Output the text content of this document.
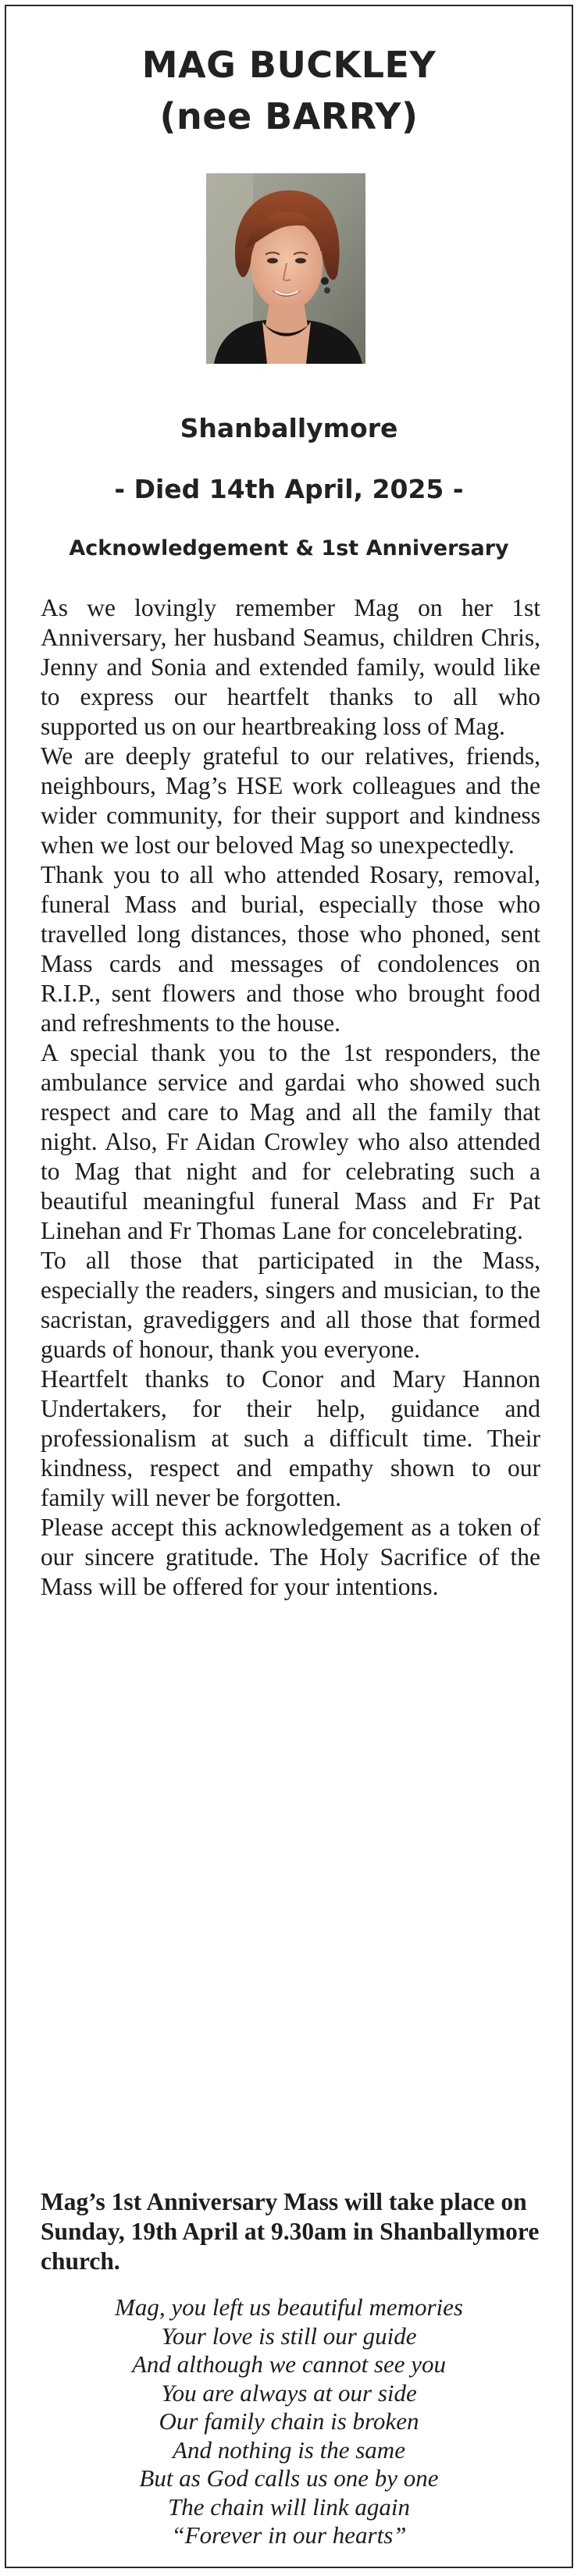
MAG BUCKLEY
(nee BARRY)
Shanballymore
- Died 14th April, 2025 -
Acknowledgement & 1st Anniversary

As we lovingly remember Mag on her 1st Anniversary, her husband Seamus, children Chris, Jenny and Sonia and extended family, would like to express our heartfelt thanks to all who supported us on our heartbreaking loss of Mag.

We are deeply grateful to our relatives, friends, neighbours, Mag’s HSE work colleagues and the wider community, for their support and kindness when we lost our beloved Mag so unexpectedly.

Thank you to all who attended Rosary, removal, funeral Mass and burial, especially those who travelled long distances, those who phoned, sent Mass cards and messages of condolences on R.I.P., sent flowers and those who brought food and refreshments to the house.

A special thank you to the 1st responders, the ambulance service and gardai who showed such respect and care to Mag and all the family that night. Also, Fr Aidan Crowley who also attended to Mag that night and for celebrating such a beautiful meaningful funeral Mass and Fr Pat Linehan and Fr Thomas Lane for concelebrating.

To all those that participated in the Mass, especially the readers, singers and musician, to the sacristan, gravediggers and all those that formed guards of honour, thank you everyone.

Heartfelt thanks to Conor and Mary Hannon Undertakers, for their help, guidance and professionalism at such a difficult time. Their kindness, respect and empathy shown to our family will never be forgotten.

Please accept this acknowledgement as a token of our sincere gratitude. The Holy Sacrifice of the Mass will be offered for your intentions.

Mag’s 1st Anniversary Mass will take place on Sunday, 19th April at 9.30am in Shanballymore church.
Mag, you left us beautiful memories
Your love is still our guide
And although we cannot see you
You are always at our side
Our family chain is broken
And nothing is the same
But as God calls us one by one
The chain will link again
“Forever in our hearts”
